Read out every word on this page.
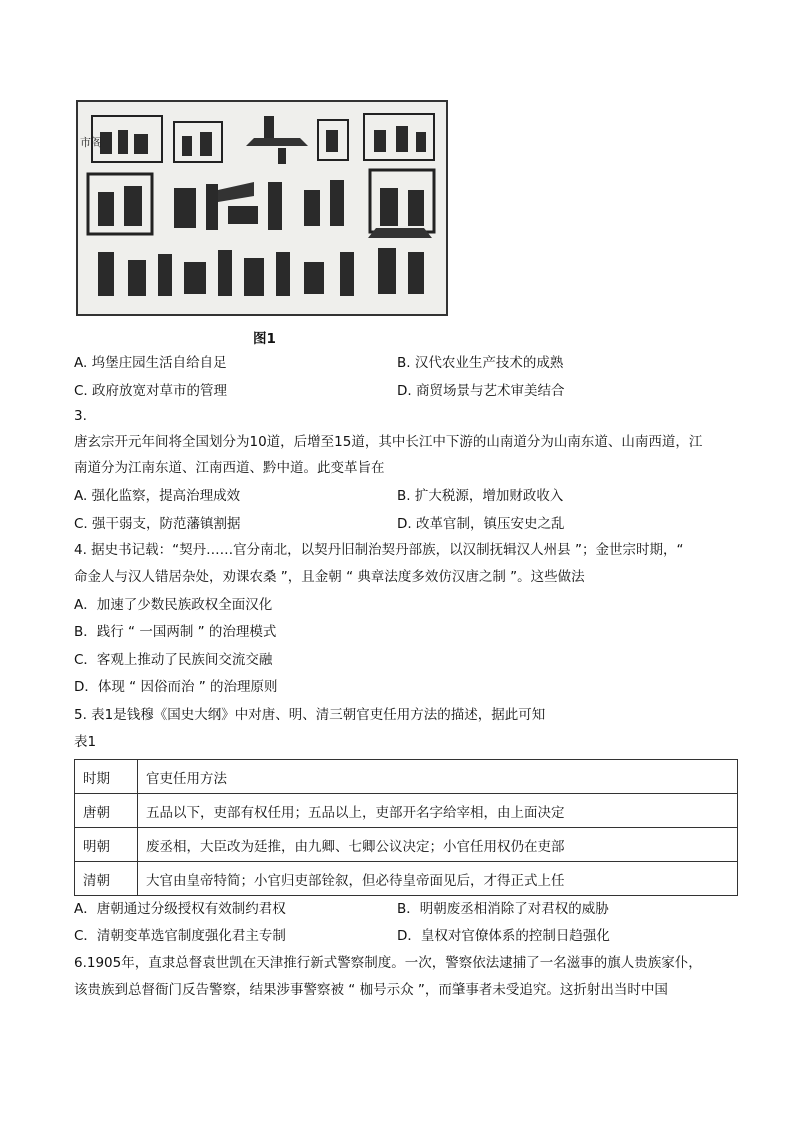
市阁
图1
A. 坞堡庄园生活自给自足	B. 汉代农业生产技术的成熟
C. 政府放宽对草市的管理	D. 商贸场景与艺术审美结合
3.
唐玄宗开元年间将全国划分为10道，后增至15道，其中长江中下游的山南道分为山南东道、山南西道，江
南道分为江南东道、江南西道、黔中道。此变革旨在
A. 强化监察，提高治理成效	B. 扩大税源，增加财政收入
C. 强干弱支，防范藩镇割据	D. 改革官制，镇压安史之乱
4. 据史书记载：“契丹……官分南北，以契丹旧制治契丹部族，以汉制抚辑汉人州县 ”；金世宗时期，“
命金人与汉人错居杂处，劝课农桑 ”，且金朝 “ 典章法度多效仿汉唐之制 ”。这些做法
A．加速了少数民族政权全面汉化
B．践行 “ 一国两制 ” 的治理模式
C．客观上推动了民族间交流交融
D．体现 “ 因俗而治 ” 的治理原则
5. 表1是钱穆《国史大纲》中对唐、明、清三朝官吏任用方法的描述，据此可知
表1
时期	官吏任用方法
唐朝	五品以下，吏部有权任用；五品以上，吏部开名字给宰相，由上面决定
明朝	废丞相，大臣改为廷推，由九卿、七卿公议决定；小官任用权仍在吏部
清朝	大官由皇帝特简；小官归吏部铨叙，但必待皇帝面见后，才得正式上任
A．唐朝通过分级授权有效制约君权	B．明朝废丞相消除了对君权的威胁
C．清朝变革选官制度强化君主专制	D．皇权对官僚体系的控制日趋强化
6.1905年，直隶总督袁世凯在天津推行新式警察制度。一次，警察依法逮捕了一名滋事的旗人贵族家仆，
该贵族到总督衙门反告警察，结果涉事警察被 “ 枷号示众 ”，而肇事者未受追究。这折射出当时中国
